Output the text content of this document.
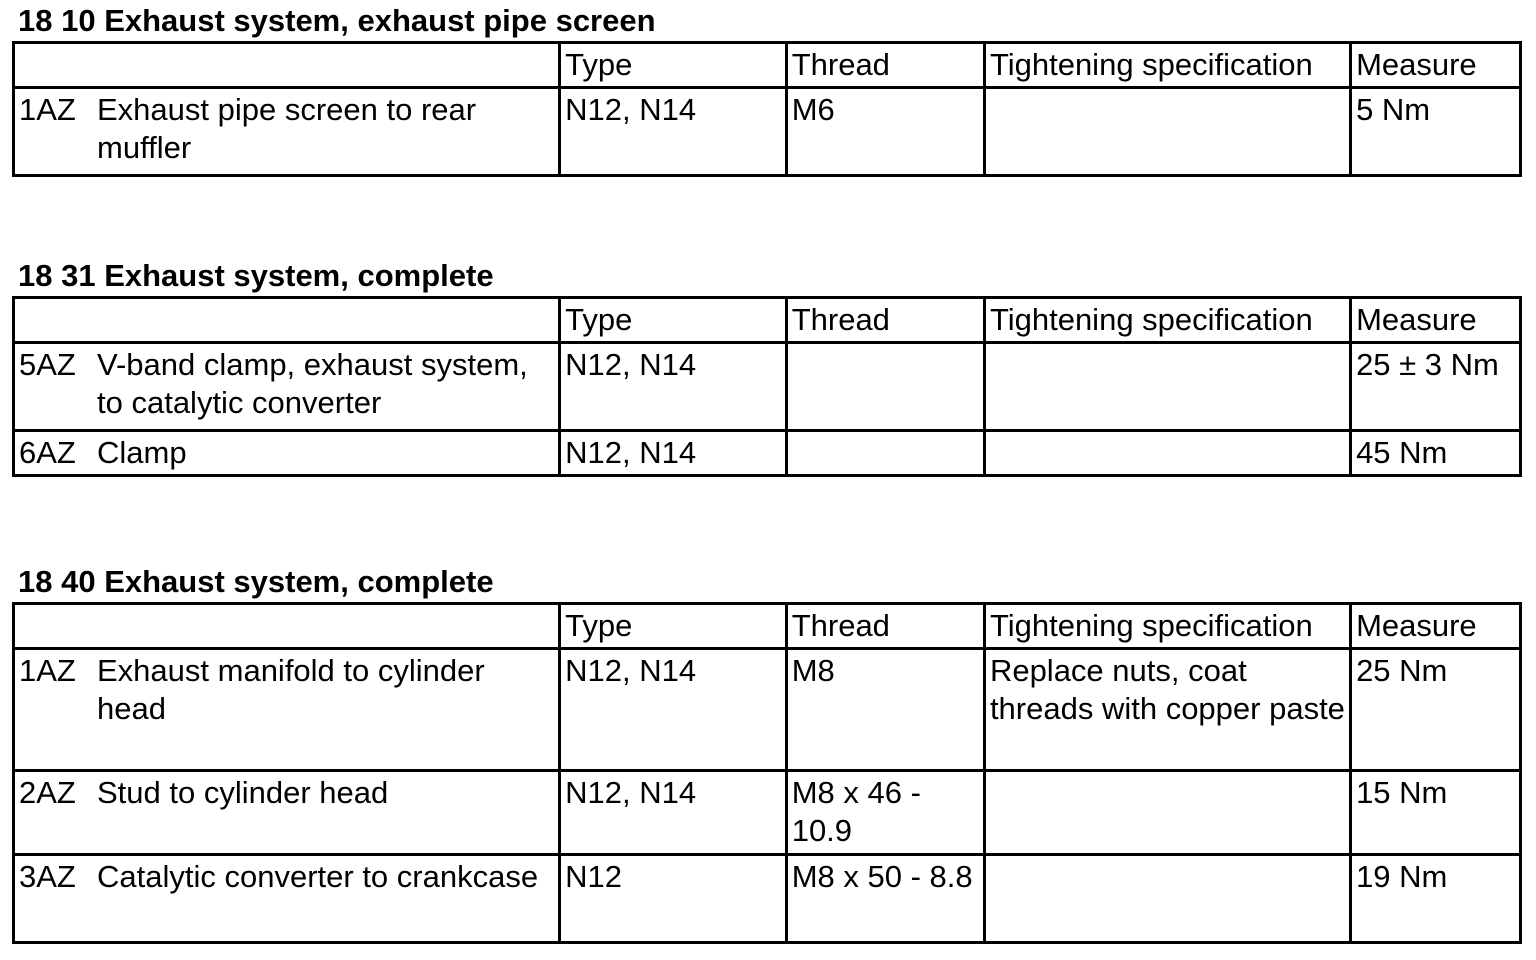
18 10 Exhaust system, exhaust pipe screen
	Type	Thread	Tightening specification	Measure

1AZ Exhaust pipe screen to rear muffler	N12, N14	M6		5 Nm
18 31 Exhaust system, complete
	Type	Thread	Tightening specification	Measure

5AZ V-band clamp, exhaust system, to catalytic converter	N12, N14			25 ± 3 Nm

6AZ Clamp	N12, N14			45 Nm
18 40 Exhaust system, complete
	Type	Thread	Tightening specification	Measure

1AZ Exhaust manifold to cylinder head	N12, N14	M8	Replace nuts, coat threads with copper paste	25 Nm

2AZ Stud to cylinder head	N12, N14	M8 x 46 - 10.9		15 Nm

3AZ Catalytic converter to crankcase	N12	M8 x 50 - 8.8		19 Nm
